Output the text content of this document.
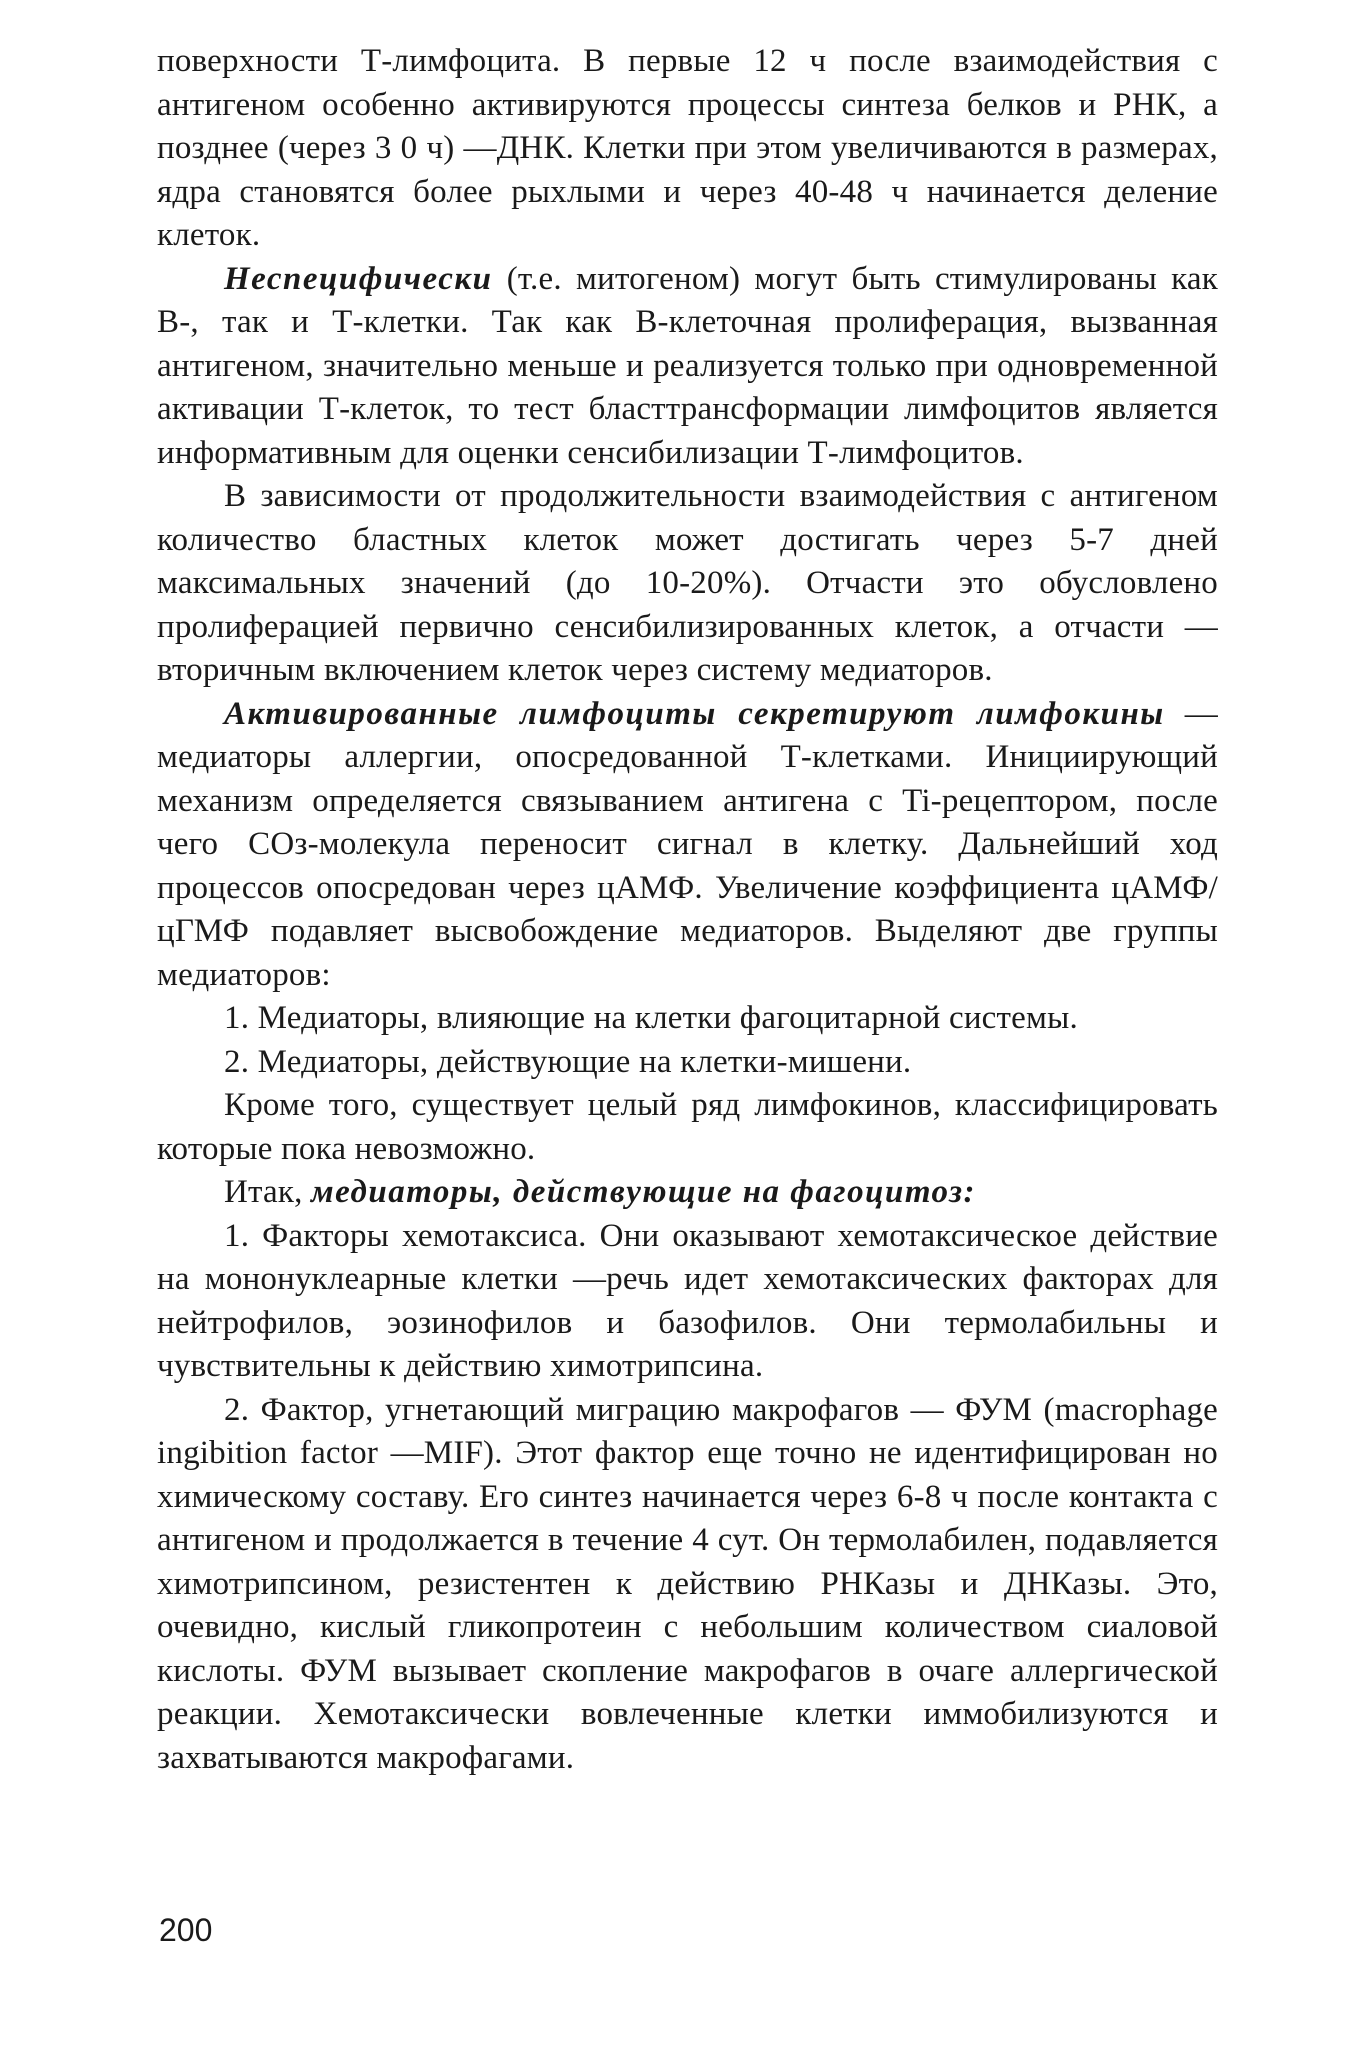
поверхности Т-лимфоцита. В первые 12 ч после взаимодействия с антигеном особенно активируются процессы синтеза белков и РНК, а позднее (через 3 0 ч) —ДНК. Клетки при этом увеличиваются в размерах, ядра становятся более рыхлыми и через 40-48 ч начинается деление клеток.

Неспецифически (т.е. митогеном) могут быть стимулированы как В-, так и Т-клетки. Так как В-клеточная пролиферация, вызванная антигеном, значительно меньше и реализуется только при одновременной активации Т-клеток, то тест бласттрансформации лимфоцитов является информативным для оценки сенсибилизации Т-лимфоцитов.

В зависимости от продолжительности взаимодействия с антигеном количество бластных клеток может достигать через 5-7 дней максимальных значений (до 10-20%). Отчасти это обусловлено пролиферацией первично сенсибилизированных клеток, а отчасти —вторичным включением клеток через систему медиаторов.

Активированные лимфоциты секретируют лимфокины —медиаторы аллергии, опосредованной Т-клетками. Инициирующий механизм определяется связыванием антигена с Ti-рецептором, после чего СОз-молекула переносит сигнал в клетку. Дальнейший ход процессов опосредован через цАМФ. Увеличение коэффициента цАМФ/цГМФ подавляет высвобождение медиаторов. Выделяют две группы медиаторов:

1. Медиаторы, влияющие на клетки фагоцитарной системы.

2. Медиаторы, действующие на клетки-мишени.

Кроме того, существует целый ряд лимфокинов, классифицировать которые пока невозможно.

Итак, медиаторы, действующие на фагоцитоз:

1. Факторы хемотаксиса. Они оказывают хемотаксическое действие на мононуклеарные клетки —речь идет хемотаксических факторах для нейтрофилов, эозинофилов и базофилов. Они термолабильны и чувствительны к действию химотрипсина.

2. Фактор, угнетающий миграцию макрофагов — ФУМ (macrophage ingibition factor —MIF). Этот фактор еще точно не идентифицирован но химическому составу. Его синтез начинается через 6-8 ч после контакта с антигеном и продолжается в течение 4 сут. Он термолабилен, подавляется химотрипсином, резистентен к действию РНКазы и ДНКазы. Это, очевидно, кислый гликопротеин с небольшим количеством сиаловой кислоты. ФУМ вызывает скопление макрофагов в очаге аллергической реакции. Хемотаксически вовлеченные клетки иммобилизуются и захватываются макрофагами.

200
